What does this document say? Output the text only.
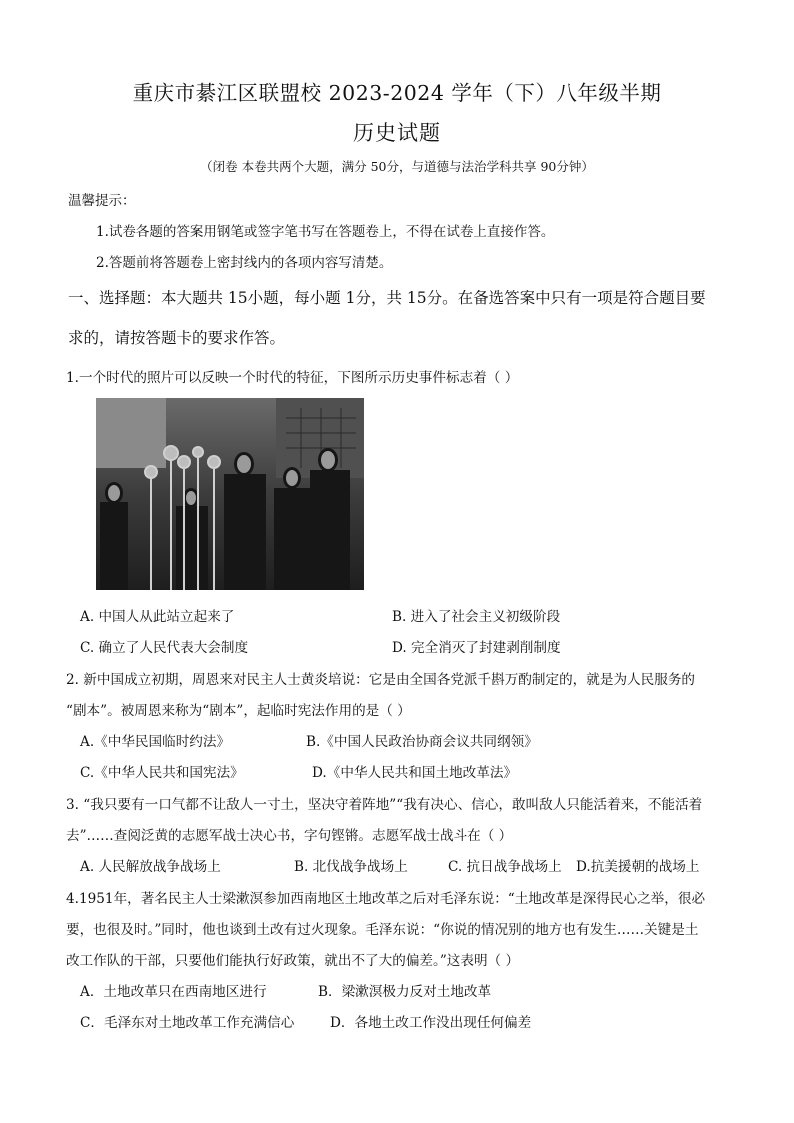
重庆市綦江区联盟校 2023-2024 学年（下）八年级半期
历史试题
（闭卷 本卷共两个大题，满分 50分，与道德与法治学科共享 90分钟）
温馨提示：
1.试卷各题的答案用钢笔或签字笔书写在答题卷上，不得在试卷上直接作答。
2.答题前将答题卷上密封线内的各项内容写清楚。
一、选择题：本大题共 15小题，每小题 1分，共 15分。在备选答案中只有一项是符合题目要
求的，请按答题卡的要求作答。
1.一个时代的照片可以反映一个时代的特征，下图所示历史事件标志着（ ）
A. 中国人从此站立起来了	B. 进入了社会主义初级阶段
C. 确立了人民代表大会制度	D. 完全消灭了封建剥削制度
2. 新中国成立初期，周恩来对民主人士黄炎培说：它是由全国各党派千斟万酌制定的，就是为人民服务的
“剧本”。被周恩来称为“剧本”，起临时宪法作用的是（ ）
A.《中华民国临时约法》	B.《中国人民政治协商会议共同纲领》
C.《中华人民共和国宪法》	D.《中华人民共和国土地改革法》
3. “我只要有一口气都不让敌人一寸土，坚决守着阵地”“我有决心、信心，敢叫敌人只能活着来，不能活着
去”……查阅泛黄的志愿军战士决心书，字句铿锵。志愿军战士战斗在（ ）
A. 人民解放战争战场上	B. 北伐战争战场上	C. 抗日战争战场上 D.抗美援朝的战场上
4.1951年，著名民主人士梁漱溟参加西南地区土地改革之后对毛泽东说：“土地改革是深得民心之举，很必
要，也很及时。”同时，他也谈到土改有过火现象。毛泽东说：“你说的情况别的地方也有发生……关键是土
改工作队的干部，只要他们能执行好政策，就出不了大的偏差。”这表明（ ）
A．土地改革只在西南地区进行	B．梁漱溟极力反对土地改革
C．毛泽东对土地改革工作充满信心	D．各地土改工作没出现任何偏差
